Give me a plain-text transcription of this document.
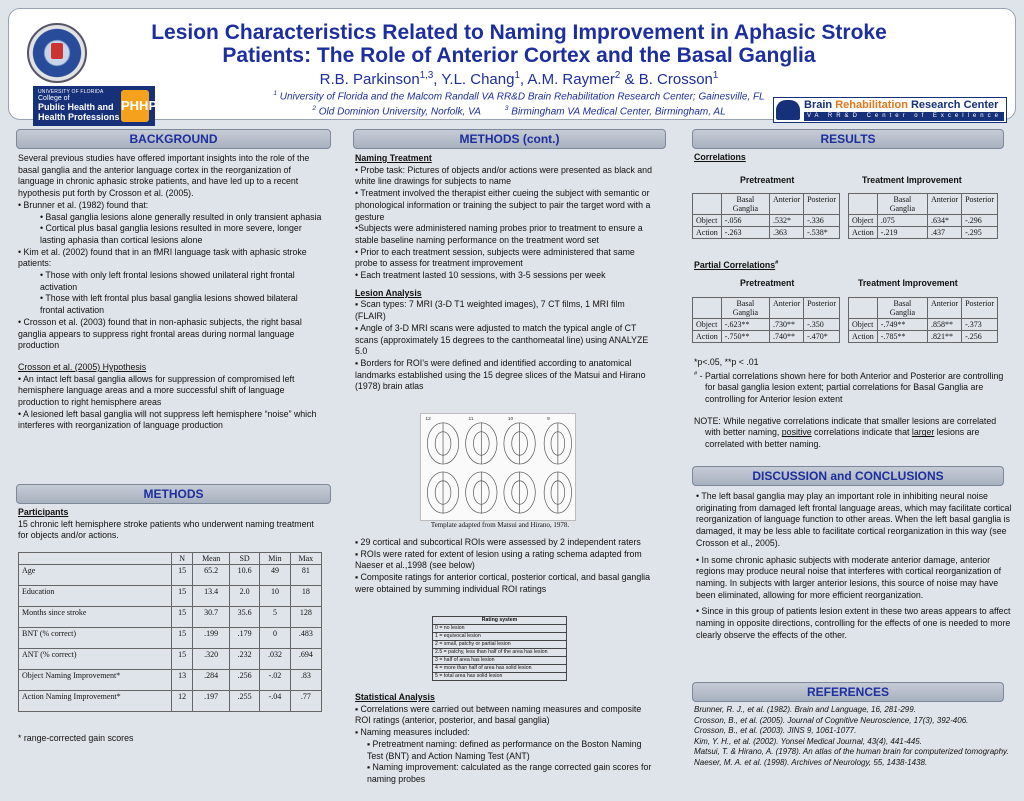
UNIVERSITY OF FLORIDA
College of
Public Health and
Health Professions
PHHP
Lesion Characteristics Related to Naming Improvement in Aphasic Stroke
Patients: The Role of Anterior Cortex and the Basal Ganglia
R.B. Parkinson$^{1,3}$, Y.L. Chang$^1$, A.M. Raymer$^2$ & B. Crosson$^1$
$^1$ University of Florida and the Malcom Randall VA RR&D Brain Rehabilitation Research Center; Gainesville, FL
$^2$ Old Dominion University, Norfolk, VA	$^3$ Birmingham VA Medical Center, Birmingham, AL
Brain Rehabilitation Research Center
VA RR&D Center of Excellence
BACKGROUND

Several previous studies have offered important insights into the role of the basal ganglia and the anterior language cortex in the reorganization of language in chronic aphasic stroke patients, and have led up to a recent hypothesis put forth by Crosson et al. (2005).

• Brunner et al. (1982) found that:

• Basal ganglia lesions alone generally resulted in only transient aphasia

• Cortical plus basal ganglia lesions resulted in more severe, longer lasting aphasia than cortical lesions alone

• Kim et al. (2002) found that in an fMRI language task with aphasic stroke patients:

• Those with only left frontal lesions showed unilateral right frontal activation

• Those with left frontal plus basal ganglia lesions showed bilateral frontal activation

• Crosson et al. (2003) found that in non-aphasic subjects, the right basal ganglia appears to suppress right frontal areas during normal language production

Crosson et al. (2005) Hypothesis

• An intact left basal ganglia allows for suppression of compromised left hemisphere language areas and a more successful shift of language production to right hemisphere areas

• A lesioned left basal ganglia will not suppress left hemisphere “noise” which interferes with reorganization of language production

METHODS

Participants

15 chronic left hemisphere stroke patients who underwent naming treatment for objects and/or actions.

	N	Mean	SD	Min	Max
Age	15	65.2	10.6	49	81
Education	15	13.4	2.0	10	18
Months since stroke	15	30.7	35.6	5	128
BNT (% correct)	15	.199	.179	0	.483
ANT (% correct)	15	.320	.232	.032	.694
Object Naming Improvement*	13	.284	.256	-.02	.83
Action Naming Improvement*	12	.197	.255	-.04	.77
* range-corrected gain scores
METHODS (cont.)

Naming Treatment

• Probe task: Pictures of objects and/or actions were presented as black and white line drawings for subjects to name

• Treatment involved the therapist either cueing the subject with semantic or phonological information or training the subject to pair the target word with a gesture

•Subjects were administered naming probes prior to treatment to ensure a stable baseline naming performance on the treatment word set

• Prior to each treatment session, subjects were administered that same probe to assess for treatment improvement

• Each treatment lasted 10 sessions, with 3-5 sessions per week

Lesion Analysis

▪ Scan types: 7 MRI (3-D T1 weighted images), 7 CT films, 1 MRI film (FLAIR)

▪ Angle of 3-D MRI scans were adjusted to match the typical angle of CT scans (approximately 15 degrees to the canthomeatal line) using ANALYZE 5.0

▪ Borders for ROI’s were defined and identified according to anatomical landmarks established using the 15 degree slices of the Matsui and Hirano (1978) brain atlas

12	11	10	9
Template adapted from Matsui and Hirano, 1978.

▪ 29 cortical and subcortical ROIs were assessed by 2 independent raters

▪ ROIs were rated for extent of lesion using a rating schema adapted from Naeser et al.,1998 (see below)

▪ Composite ratings for anterior cortical, posterior cortical, and basal ganglia were obtained by summing individual ROI ratings

Rating system
0 = no lesion
1 = equivocal lesion
2 = small, patchy or partial lesion
2.5 = patchy, less than half of the area has lesion
3 = half of area has lesion
4 = more than half of area has solid lesion
5 = total area has solid lesion

Statistical Analysis

▪ Correlations were carried out between naming measures and composite ROI ratings (anterior, posterior, and basal ganglia)

▪ Naming measures included:

▪ Pretreatment naming: defined as performance on the Boston Naming Test (BNT) and Action Naming Test (ANT)

▪ Naming improvement: calculated as the range corrected gain scores for naming probes

RESULTS
Correlations
Pretreatment	Treatment Improvement
	Basal Ganglia	Anterior	Posterior
Object	-.056	.532*	-.336
Action	-.263	.363	-.538*
	Basal Ganglia	Anterior	Posterior
Object	.075	.634*	-.296
Action	-.219	.437	-.295
Partial Correlations#
Pretreatment	Treatment Improvement
	Basal Ganglia	Anterior	Posterior
Object	-.623**	.730**	-.350
Action	-.750**	.740**	-.470*
	Basal Ganglia	Anterior	Posterior
Object	-.749**	.858**	-.373
Action	-.785**	.821**	-.256

*p<.05, **p < .01

# - Partial correlations shown here for both Anterior and Posterior are controlling for basal ganglia lesion extent; partial correlations for Basal Ganglia are controlling for Anterior lesion extent

NOTE: While negative correlations indicate that smaller lesions are correlated with better naming, positive correlations indicate that larger lesions are correlated with better naming.

DISCUSSION and CONCLUSIONS

• The left basal ganglia may play an important role in inhibiting neural noise originating from damaged left frontal language areas, which may facilitate cortical reorganization of language function to other areas. When the left basal ganglia is damaged, it may be less able to facilitate cortical reorganization in this way (see Crosson et al., 2005).

• In some chronic aphasic subjects with moderate anterior damage, anterior regions may produce neural noise that interferes with cortical reorganization of naming. In subjects with larger anterior lesions, this source of noise may have been eliminated, allowing for more efficient reorganization.

• Since in this group of patients lesion extent in these two areas appears to affect naming in opposite directions, controlling for the effects of one is needed to more clearly observe the effects of the other.

REFERENCES
Brunner, R. J., et al. (1982). Brain and Language, 16, 281-299.
Crosson, B., et al. (2005). Journal of Cognitive Neuroscience, 17(3), 392-406.
Crosson, B., et al. (2003). JINS 9, 1061-1077.
Kim, Y. H., et al. (2002). Yonsei Medical Journal, 43(4), 441-445.
Matsui, T. & Hirano, A. (1978). An atlas of the human brain for computerized tomography.
Naeser, M. A. et al. (1998). Archives of Neurology, 55, 1438-1438.
